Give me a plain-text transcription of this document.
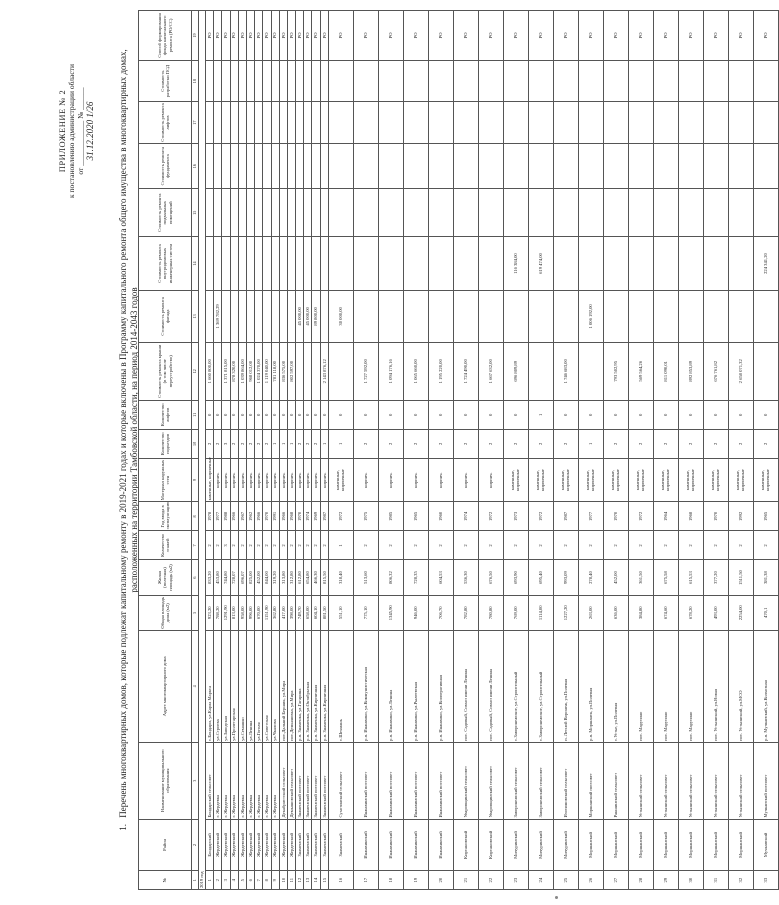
ПРИЛОЖЕНИЕ № 2 к постановлению администрации области от ____________ № ______ 31.12.2020 1/26
1. Перечень многоквартирных домов, которые подлежат капитальному ремонту в 2019-2021 годах и которые включены в Программу капитального ремонта общего имущества в многоквартирных домах,
расположенных на территории Тамбовской области, на период 2014-2043 годов
№	Район	Наименование муниципального образования	Адрес многоквартирного дома	Общая площадь дома (м2)	Жилая (полезная) площадь (м2)	Количество этажей	Год ввода в эксплуатацию	Материал наружных стен	Количество подъездов	Количество лифтов	Стоимость ремонта крыши (в том числе переустройство)	Стоимость ремонта фасада	Стоимость ремонта внутридомовых инженерных систем	Стоимость ремонта подвальных помещений	Стоимость ремонта фундамента	Стоимость ремонта лифтов	Стоимость разработки ПСД	Способ формирования фонда капитального ремонта (РО/СС)
1	2	3	4	5	6	7	8	9	10	11	12	13	14	15	16	17	18	19
2019 год																		
1	Бондарский	Бондарский сельсовет	с.Бондари, ул.Карла Маркса	923,20	833,20	2	1978	каменные, кирпичные	2	0	1 660 800,00							РО
2	Жердевский	г. Жердевка	ул.Строева	788,20	453,80	2	1977	кирпич.	2	0		1 369 782,29						РО
3	Жердевский	г. Жердевка	ул.Заводская	1291,90	744,80	3	1988	кирпич.	3	0	1 371 815,00							РО
4	Жердевский	г. Жердевка	ул.Пролетарская	813,00	728,07	2	1966	кирпич.	2	0	878 320,00							РО
5	Жердевский	г. Жердевка	ул.Семашко	958,00	696,07	2	1967	кирпич.	2	0	1 039 864,00							РО
6	Жердевский	г. Жердевка	ул.Ленина	996,00	825,00	2	1962	кирпич.	2	0	968 012,00							РО
7	Жердевский	г. Жердевка	ул.Гоголя	670,00	452,00	2	1966	кирпич.	2	0	1 024 370,00							РО
8	Жердевский	г. Жердевка	ул.Советская	1151,90	844,00	2	1970	кирпич.	2	0	1 119 040,00							РО
9	Жердевский	г. Жердевка	ул.Чкалова	362,80	319,20	2	1991	кирпич.	1	0	781 118,00							РО
10	Жердевский	Декабристский сельсовет	пос.Дальний Бершик, ул.Мира	417,00	313,80	2	1966	кирпич.	1	0	836 575,00							РО
11	Жердевский	Демьяновский сельсовет	пос.Демьяновка, ул.Мира	398,00	312,80	2	1968	кирпич.	1	0	802 597,00							РО
12	Знаменский	Знаменский поссовет	р.п. Знаменка, ул.Гагарина	749,70	612,80	2	1970	кирпич.	2	0		45 000,00						РО
13	Знаменский	Знаменский поссовет	р.п. Знаменка, ул.Октябрьская	658,00	654,80	2	1974	кирпич.	2	0		45 000,00						РО
14	Знаменский	Знаменский поссовет	р.п. Знаменка, ул.Кирпичная	604,10	466,30	2	1969	кирпич.	2	0		89 800,00						РО
15	Знаменский	Знаменский поссовет	р.п. Знаменка, ул.Кирпичная	881,50	815,50	2	1987	кирпич.	1	0	2 143 876,12							РО
16	Знаменский	Сухотинский сельсовет	с.Шехмань	551,10	318,40	1	1972	каменные, кирпичные	1	0		30 000,00						РО
17	Инжавинский	Инжавинский поссовет	р.п. Инжавино, ул.Коммунистическая	775,10	513,60	2	1975	кирпич.	2	0	1 727 592,00							РО
18	Инжавинский	Инжавинский поссовет	р.п. Инжавино, ул.Ленина	1345,90	806,32	2	1985	кирпич.	2	0	1 094 176,16							РО
19	Инжавинский	Инжавинский поссовет	р.п. Инжавино, ул.Рылеевская	946,00	728,35	2	1965	кирпич.	2	0	1 065 660,00							РО
20	Инжавинский	Инжавинский поссовет	р.п. Инжавино, ул.Кооперативная	706,70	604,53	2	1960	кирпич.	2	0	1 195 220,00							РО
21	Кирсановский	Уваровщинский сельсовет	пос. Садовый, Совхоз имени Ленина	782,80	536,30	2	1974	кирпич.	2	0	1 724 490,00							РО
22	Кирсановский	Уваровщинский сельсовет	пос. Садовый, Совхоз имени Ленина	780,80	676,50	2	1972	кирпич.	2	0	1 667 632,00							РО
23	Мичуринский	Заворонежский сельсовет	с.Заворонежское, ул.Строительный	769,00	693,90	2	1973	каменные, кирпичные	2	0	696 809,89		116 384,00					РО
24	Мичуринский	Заворонежский сельсовет	с.Заворонежское, ул.Строительный	1114,00	695,40	2	1972	каменные, кирпичные	2	1			619 474,00					РО
25	Мичуринский	Изосимовский сельсовет	п. Лесной Воронеж, ул.Полевая	1227,20	993,09	2	1987	каменные, кирпичные	2	0	1 746 683,00							РО
26	Моршанский	Моршанский поссовет	р.п. Моршанск, ул.Полевая	263,00	278,40	2	1977	каменные, кирпичные	1	0		1 006 192,00						РО
27	Моршанский	Ракшинский сельсовет	с.Устье, ул.Полевая	636,00	452,00	2	1970	каменные, кирпичные	2	0	793 502,95							РО
28	Моршанский	Устьинский сельсовет	пос. Марусино	384,80	361,50	2	1972	каменные, кирпичные	2	0	569 564,26							РО
29	Моршанский	Устьинский сельсовет	пос. Марусино	674,60	675,58	2	1964	каменные, кирпичные	2	0	811 090,01							РО
30	Моршанский	Устьинский сельсовет	пос. Марусино	678,20	615,53	2	1968	каменные, кирпичные	2	0	892 853,89							РО
31	Моршанский	Устьинский сельсовет	пос. Устьинский, ул.Новая	493,00	377,20	2	1970	каменные, кирпичные	2	0	676 761,82							РО
32	Моршанский	Устьинский сельсовет	пос. Устьинский, ул.МСО	2254,00	1511,50	2	1992	каменные, кирпичные	2	0	2 658 071,32							РО
33	Мучкапский	Мучкапский поссовет	р.п. Мучкапский, ул.Колхозная	470,1	381,38	2	1965	каменные, кирпичные	2	0			224 341,20					РО
